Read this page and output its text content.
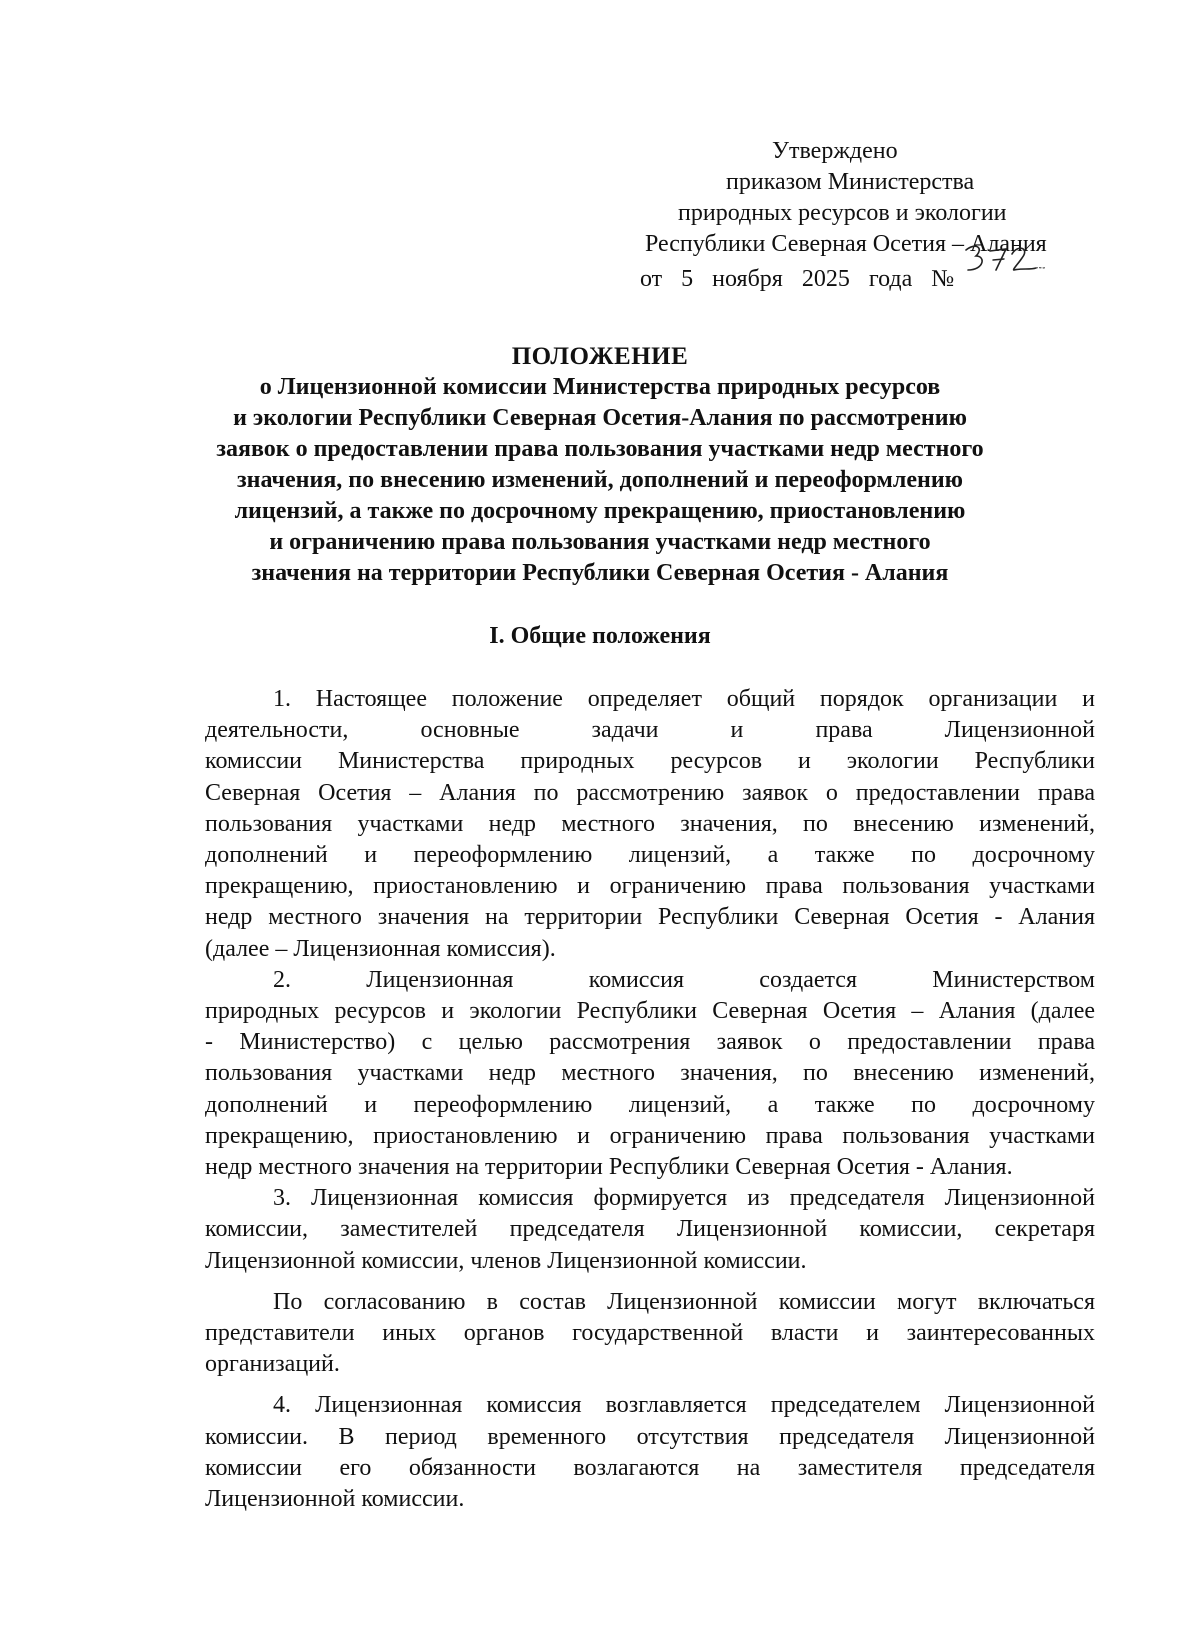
Утверждено
приказом Министерства
природных ресурсов и экологии
Республики Северная Осетия – Алания
от 5 ноября 2025 года №
ПОЛОЖЕНИЕ
о Лицензионной комиссии Министерства природных ресурсов
и экологии Республики Северная Осетия-Алания по рассмотрению
заявок о предоставлении права пользования участками недр местного
значения, по внесению изменений, дополнений и переоформлению
лицензий, а также по досрочному прекращению, приостановлению
и ограничению права пользования участками недр местного
значения на территории Республики Северная Осетия - Алания
I. Общие положения
1. Настоящее положение определяет общий порядок организации и
деятельности, основные задачи и права Лицензионной
комиссии Министерства природных ресурсов и экологии Республики
Северная Осетия – Алания по рассмотрению заявок о предоставлении права
пользования участками недр местного значения, по внесению изменений,
дополнений и переоформлению лицензий, а также по досрочному
прекращению, приостановлению и ограничению права пользования участками
недр местного значения на территории Республики Северная Осетия - Алания
(далее – Лицензионная комиссия).
2. Лицензионная комиссия создается Министерством
природных ресурсов и экологии Республики Северная Осетия – Алания (далее
- Министерство) с целью рассмотрения заявок о предоставлении права
пользования участками недр местного значения, по внесению изменений,
дополнений и переоформлению лицензий, а также по досрочному
прекращению, приостановлению и ограничению права пользования участками
недр местного значения на территории Республики Северная Осетия - Алания.
3. Лицензионная комиссия формируется из председателя Лицензионной
комиссии, заместителей председателя Лицензионной комиссии, секретаря
Лицензионной комиссии, членов Лицензионной комиссии.
По согласованию в состав Лицензионной комиссии могут включаться
представители иных органов государственной власти и заинтересованных
организаций.
4. Лицензионная комиссия возглавляется председателем Лицензионной
комиссии. В период временного отсутствия председателя Лицензионной
комиссии его обязанности возлагаются на заместителя председателя
Лицензионной комиссии.
